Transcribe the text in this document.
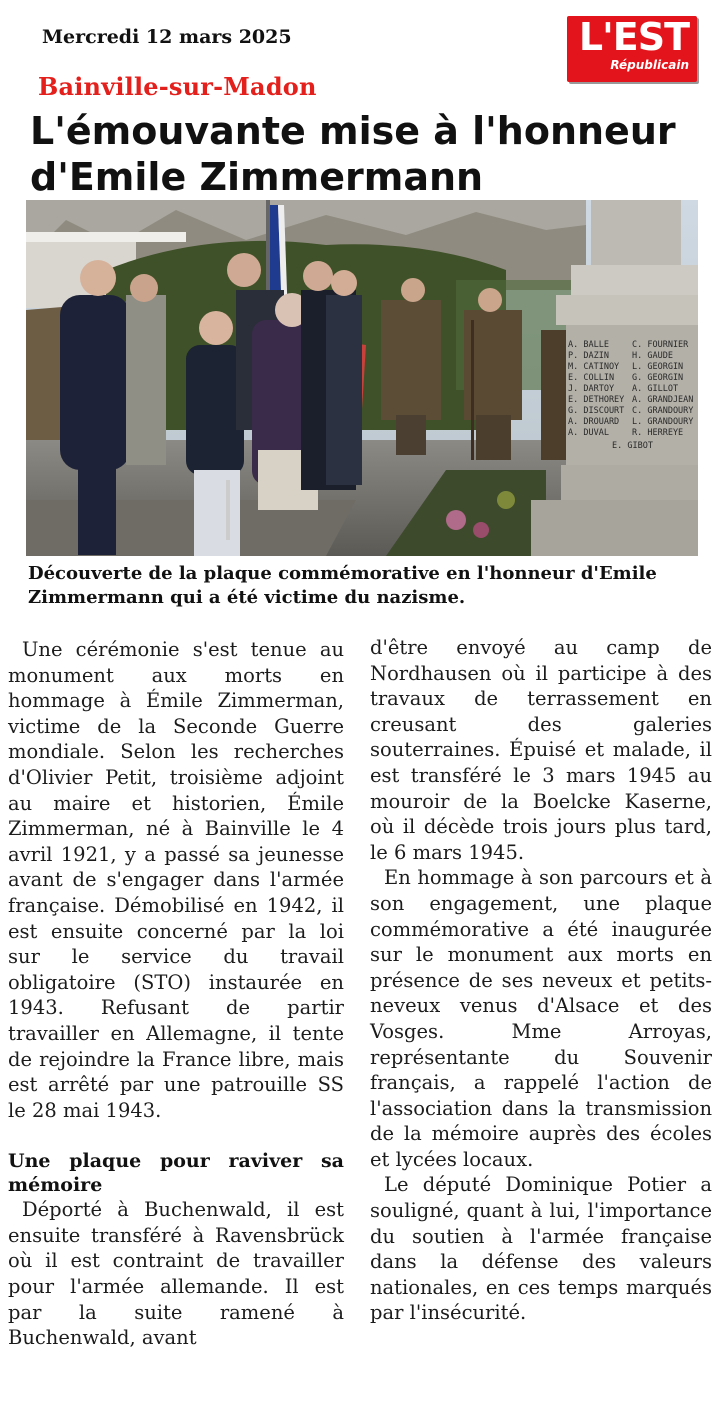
Mercredi 12 mars 2025	L'EST
Républicain
Bainville-sur-Madon
L'émouvante mise à l'honneur d'Emile Zimmermann
A. BALLE
P. DAZIN
M. CATINOY
E. COLLIN
J. DARTOY
E. DETHOREY
G. DISCOURT
A. DROUARD
A. DUVAL
C. FOURNIER
H. GAUDE
L. GEORGIN
G. GEORGIN
A. GILLOT
A. GRANDJEAN
C. GRANDOURY
L. GRANDOURY
R. HERREYE
E. GIBOT
Découverte de la plaque commémorative en l'honneur d'Emile Zimmermann qui a été victime du nazisme.

Une cérémonie s'est tenue au monument aux morts en hommage à Émile Zimmerman, victime de la Seconde Guerre mondiale. Selon les recherches d'Olivier Petit, troisième adjoint au maire et historien, Émile Zimmerman, né à Bainville le 4 avril 1921, y a passé sa jeunesse avant de s'engager dans l'armée française. Démobilisé en 1942, il est ensuite concerné par la loi sur le service du travail obligatoire (STO) instaurée en 1943. Refusant de partir travailler en Allemagne, il tente de rejoindre la France libre, mais est arrêté par une patrouille SS le 28 mai 1943.

Une plaque pour raviver sa mémoire

Déporté à Buchenwald, il est ensuite transféré à Ravensbrück où il est contraint de travailler pour l'armée allemande. Il est par la suite ramené à Buchenwald, avant

d'être envoyé au camp de Nordhausen où il participe à des travaux de terrassement en creusant des galeries souterraines. Épuisé et malade, il est transféré le 3 mars 1945 au mouroir de la Boelcke Kaserne, où il décède trois jours plus tard, le 6 mars 1945.

En hommage à son parcours et à son engagement, une plaque commémorative a été inaugurée sur le monument aux morts en présence de ses neveux et petits-neveux venus d'Alsace et des Vosges. Mme Arroyas, représentante du Souvenir français, a rappelé l'action de l'association dans la transmission de la mémoire auprès des écoles et lycées locaux.

Le député Dominique Potier a souligné, quant à lui, l'importance du soutien à l'armée française dans la défense des valeurs nationales, en ces temps marqués par l'insécurité.
